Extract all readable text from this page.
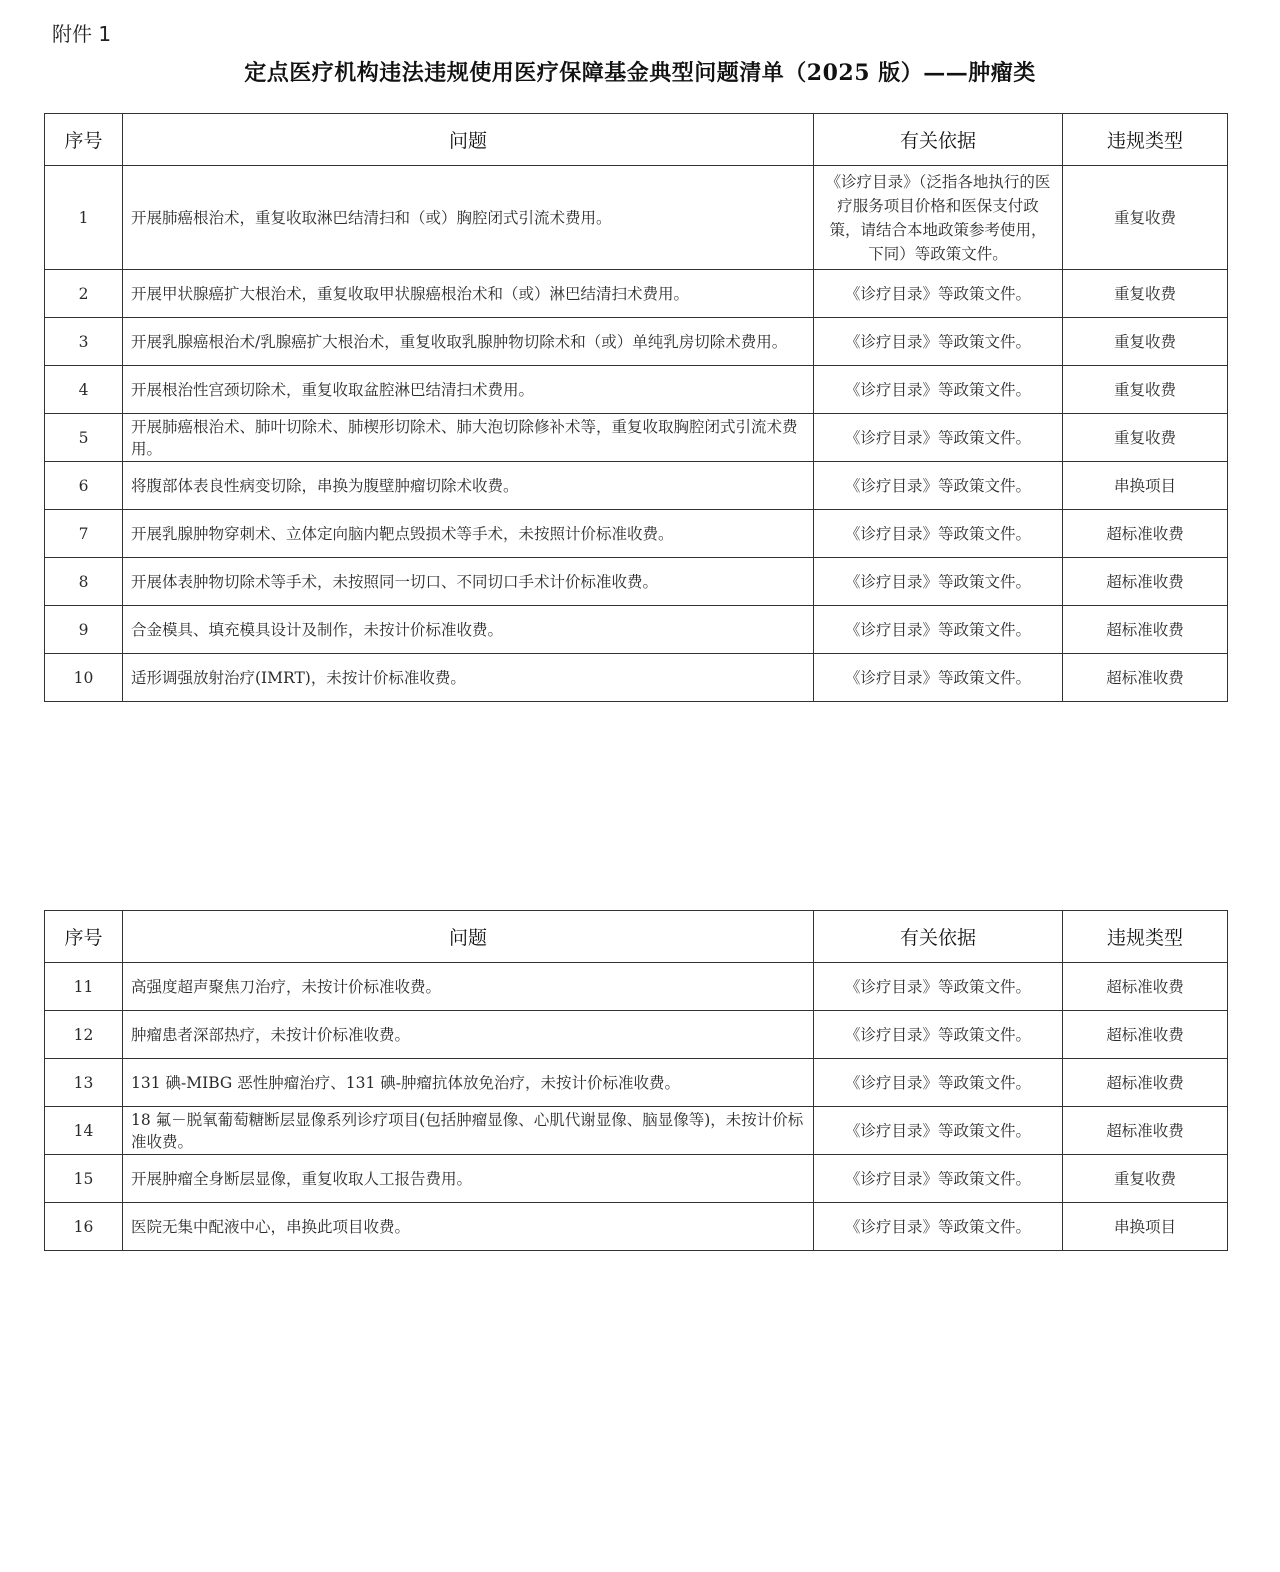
附件 1
定点医疗机构违法违规使用医疗保障基金典型问题清单（2025 版）——肿瘤类
序号	问题	有关依据	违规类型
1	开展肺癌根治术，重复收取淋巴结清扫和（或）胸腔闭式引流术费用。	《诊疗目录》（泛指各地执行的医疗服务项目价格和医保支付政策，请结合本地政策参考使用，下同）等政策文件。	重复收费
2	开展甲状腺癌扩大根治术，重复收取甲状腺癌根治术和（或）淋巴结清扫术费用。	《诊疗目录》等政策文件。	重复收费
3	开展乳腺癌根治术/乳腺癌扩大根治术，重复收取乳腺肿物切除术和（或）单纯乳房切除术费用。	《诊疗目录》等政策文件。	重复收费
4	开展根治性宫颈切除术，重复收取盆腔淋巴结清扫术费用。	《诊疗目录》等政策文件。	重复收费
5	开展肺癌根治术、肺叶切除术、肺楔形切除术、肺大泡切除修补术等，重复收取胸腔闭式引流术费用。	《诊疗目录》等政策文件。	重复收费
6	将腹部体表良性病变切除，串换为腹壁肿瘤切除术收费。	《诊疗目录》等政策文件。	串换项目
7	开展乳腺肿物穿刺术、立体定向脑内靶点毁损术等手术，未按照计价标准收费。	《诊疗目录》等政策文件。	超标准收费
8	开展体表肿物切除术等手术，未按照同一切口、不同切口手术计价标准收费。	《诊疗目录》等政策文件。	超标准收费
9	合金模具、填充模具设计及制作，未按计价标准收费。	《诊疗目录》等政策文件。	超标准收费
10	适形调强放射治疗(IMRT)，未按计价标准收费。	《诊疗目录》等政策文件。	超标准收费
序号	问题	有关依据	违规类型
11	高强度超声聚焦刀治疗，未按计价标准收费。	《诊疗目录》等政策文件。	超标准收费
12	肿瘤患者深部热疗，未按计价标准收费。	《诊疗目录》等政策文件。	超标准收费
13	131 碘-MIBG 恶性肿瘤治疗、131 碘-肿瘤抗体放免治疗，未按计价标准收费。	《诊疗目录》等政策文件。	超标准收费
14	18 氟－脱氧葡萄糖断层显像系列诊疗项目(包括肿瘤显像、心肌代谢显像、脑显像等)，未按计价标准收费。	《诊疗目录》等政策文件。	超标准收费
15	开展肿瘤全身断层显像，重复收取人工报告费用。	《诊疗目录》等政策文件。	重复收费
16	医院无集中配液中心，串换此项目收费。	《诊疗目录》等政策文件。	串换项目
